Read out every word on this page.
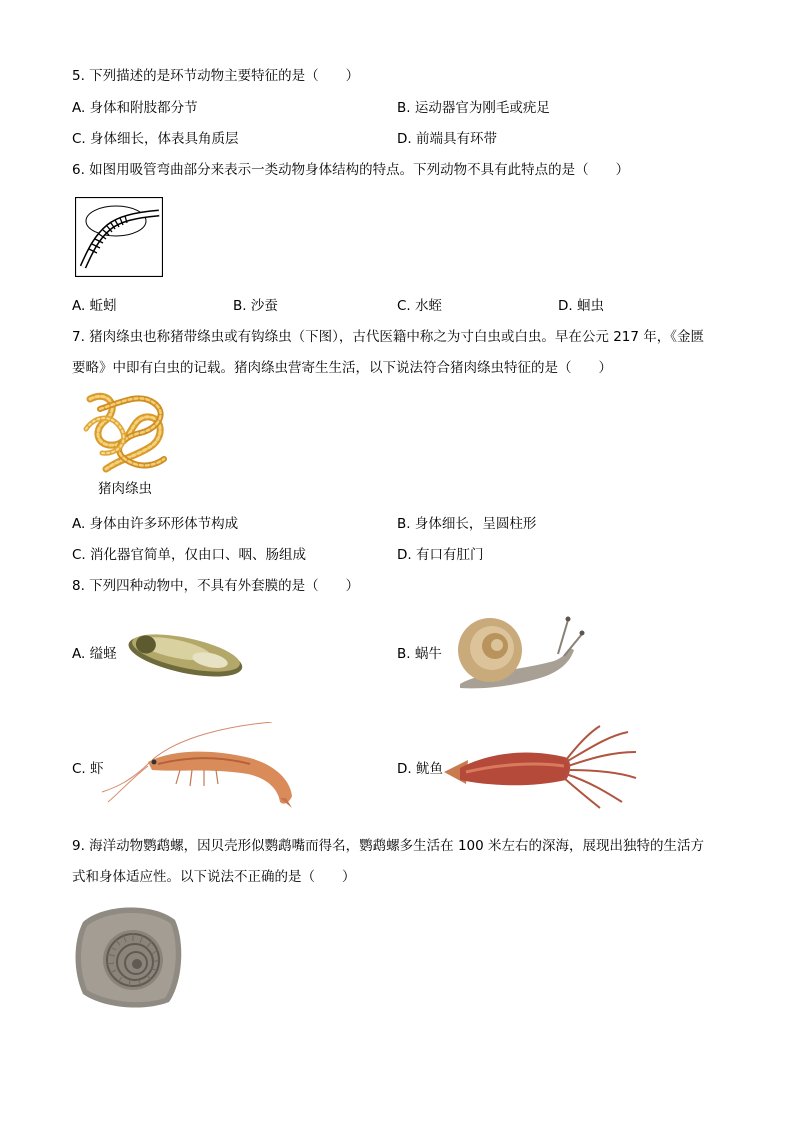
5. 下列描述的是环节动物主要特征的是（　　）
A. 身体和附肢都分节	B. 运动器官为刚毛或疣足
C. 身体细长，体表具角质层	D. 前端具有环带
6. 如图用吸管弯曲部分来表示一类动物身体结构的特点。下列动物不具有此特点的是（　　）
A. 蚯蚓	B. 沙蚕	C. 水蛭	D. 蛔虫
7. 猪肉绦虫也称猪带绦虫或有钩绦虫（下图），古代医籍中称之为寸白虫或白虫。早在公元 217 年，《金匮
要略》中即有白虫的记载。猪肉绦虫营寄生生活，以下说法符合猪肉绦虫特征的是（　　）
猪肉绦虫
A. 身体由许多环形体节构成	B. 身体细长，呈圆柱形
C. 消化器官简单，仅由口、咽、肠组成	D. 有口有肛门
8. 下列四种动物中，不具有外套膜的是（　　）
A. 缢蛏	B. 蜗牛
C. 虾	D. 鱿鱼
9. 海洋动物鹦鹉螺，因贝壳形似鹦鹉嘴而得名，鹦鹉螺多生活在 100 米左右的深海，展现出独特的生活方
式和身体适应性。以下说法不正确的是（　　）
